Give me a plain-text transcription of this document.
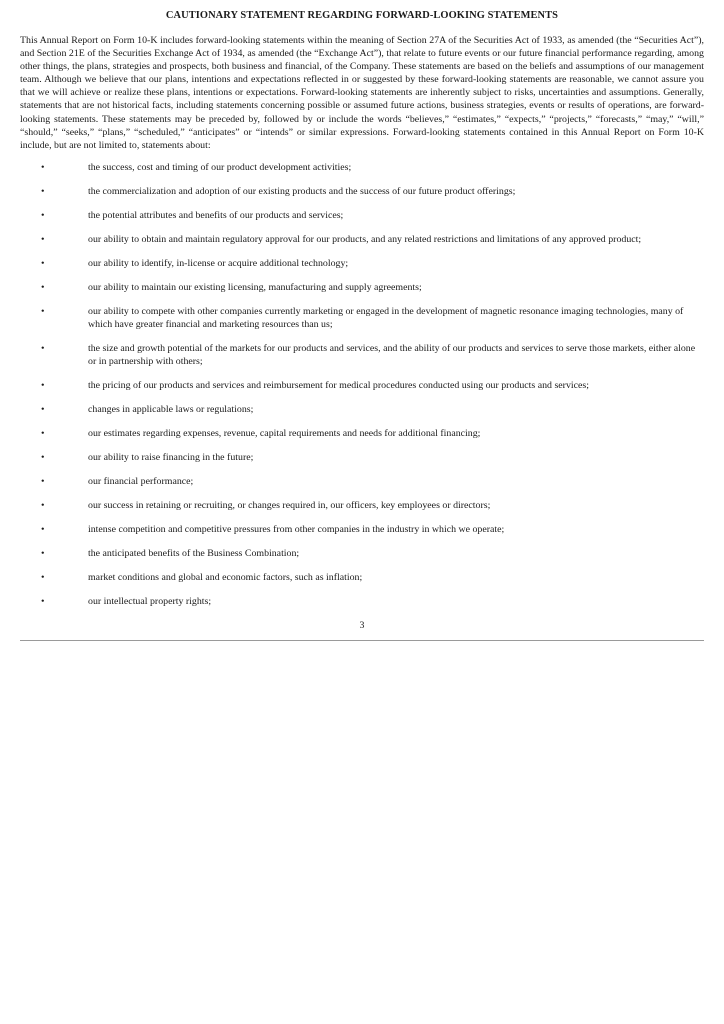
CAUTIONARY STATEMENT REGARDING FORWARD-LOOKING STATEMENTS

This Annual Report on Form 10-K includes forward-looking statements within the meaning of Section 27A of the Securities Act of 1933, as amended (the “Securities Act”), and Section 21E of the Securities Exchange Act of 1934, as amended (the “Exchange Act”), that relate to future events or our future financial performance regarding, among other things, the plans, strategies and prospects, both business and financial, of the Company. These statements are based on the beliefs and assumptions of our management team. Although we believe that our plans, intentions and expectations reflected in or suggested by these forward-looking statements are reasonable, we cannot assure you that we will achieve or realize these plans, intentions or expectations. Forward-looking statements are inherently subject to risks, uncertainties and assumptions. Generally, statements that are not historical facts, including statements concerning possible or assumed future actions, business strategies, events or results of operations, are forward-looking statements. These statements may be preceded by, followed by or include the words “believes,” “estimates,” “expects,” “projects,” “forecasts,” “may,” “will,” “should,” “seeks,” “plans,” “scheduled,” “anticipates” or “intends” or similar expressions. Forward-looking statements contained in this Annual Report on Form 10-K include, but are not limited to, statements about:

•	the success, cost and timing of our product development activities;
•	the commercialization and adoption of our existing products and the success of our future product offerings;
•	the potential attributes and benefits of our products and services;
•	our ability to obtain and maintain regulatory approval for our products, and any related restrictions and limitations of any approved product;
•	our ability to identify, in-license or acquire additional technology;
•	our ability to maintain our existing licensing, manufacturing and supply agreements;
•	our ability to compete with other companies currently marketing or engaged in the development of magnetic resonance imaging technologies, many of which have greater financial and marketing resources than us;
•	the size and growth potential of the markets for our products and services, and the ability of our products and services to serve those markets, either alone or in partnership with others;
•	the pricing of our products and services and reimbursement for medical procedures conducted using our products and services;
•	changes in applicable laws or regulations;
•	our estimates regarding expenses, revenue, capital requirements and needs for additional financing;
•	our ability to raise financing in the future;
•	our financial performance;
•	our success in retaining or recruiting, or changes required in, our officers, key employees or directors;
•	intense competition and competitive pressures from other companies in the industry in which we operate;
•	the anticipated benefits of the Business Combination;
•	market conditions and global and economic factors, such as inflation;
•	our intellectual property rights;
3
